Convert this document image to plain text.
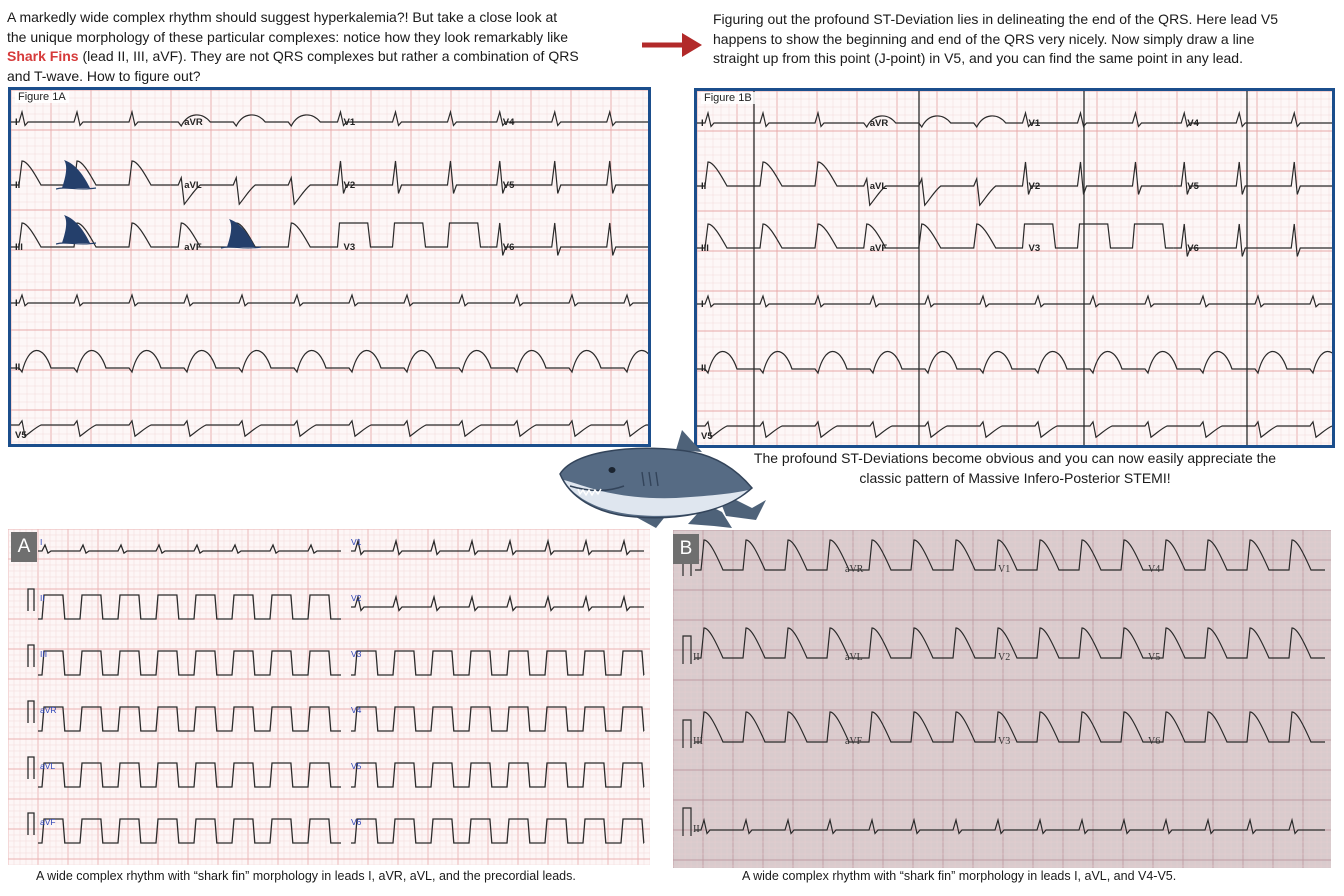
A markedly wide complex rhythm should suggest hyperkalemia?! But take a close look at
the unique morphology of these particular complexes: notice how they look remarkably like
Shark Fins (lead II, III, aVF). They are not QRS complexes but rather a combination of QRS
and T-wave. How to figure out?
Figuring out the profound ST-Deviation lies in delineating the end of the QRS. Here lead V5
happens to show the beginning and end of the QRS very nicely. Now simply draw a line
straight up from this point (J-point) in V5, and you can find the same point in any lead.
Figure 1A
I	aVR	V1	V4
II	aVL	V2	V5
III	aVF	V3	V6
I
II
V5
Figure 1B
I	aVR	V1	V4
II	aVL	V2	V5
III	aVF	V3	V6
I
II
V5
The profound ST-Deviations become obvious and you can now easily appreciate the
classic pattern of Massive Infero-Posterior STEMI!
A	I	V1
II	V2
III	V3
aVR	V4
aVL	V5
aVF	V6
A wide complex rhythm with “shark fin” morphology in leads I, aVR, aVL, and the precordial leads.
B
aVR	V1	V4
II	aVL	V2	V5
III	aVF	V3	V6
II
A wide complex rhythm with “shark fin” morphology in leads I, aVL, and V4-V5.
